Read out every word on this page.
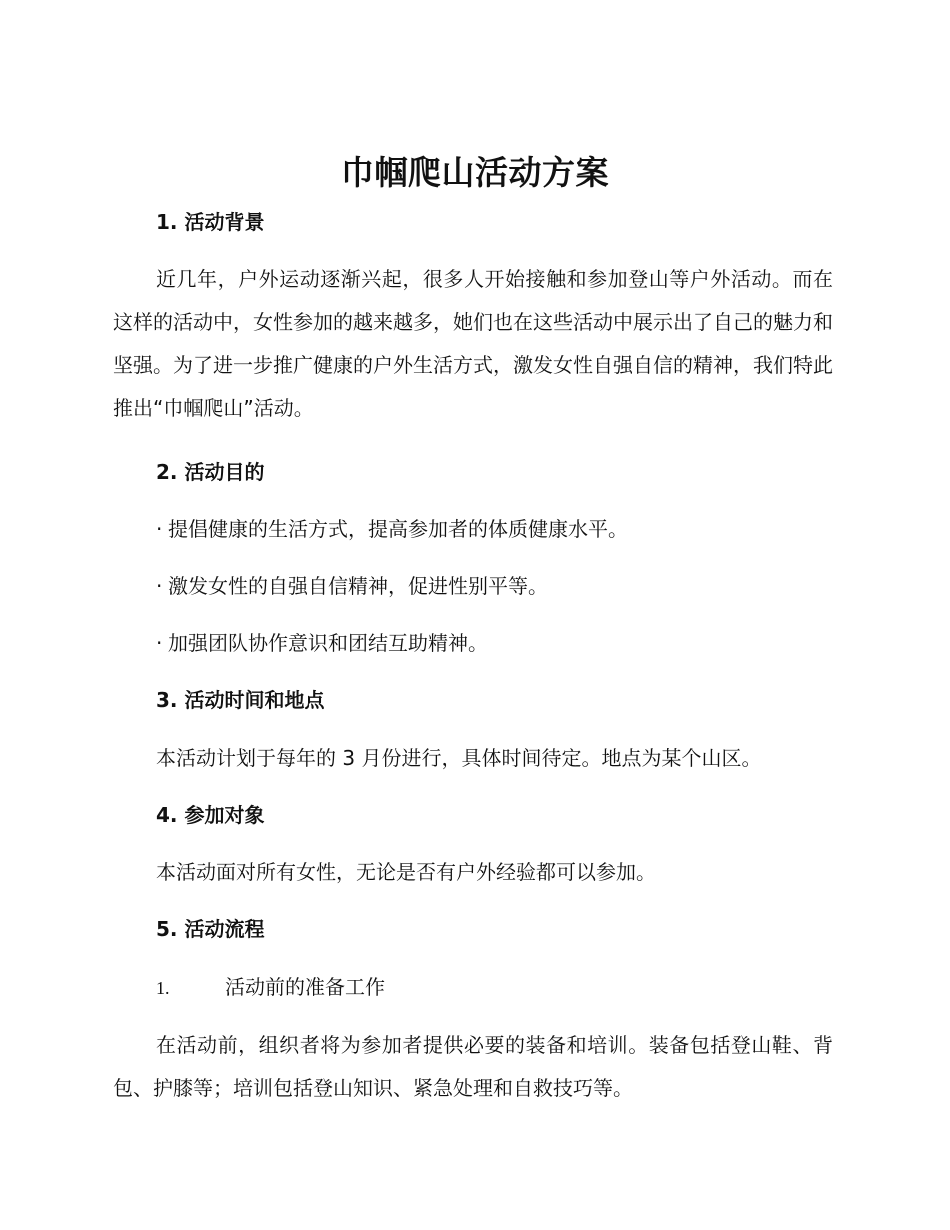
巾帼爬山活动方案
1. 活动背景
近几年，户外运动逐渐兴起，很多人开始接触和参加登山等户外活动。而在这样的活动中，女性参加的越来越多，她们也在这些活动中展示出了自己的魅力和坚强。为了进一步推广健康的户外生活方式，激发女性自强自信的精神，我们特此推出“巾帼爬山”活动。
2. 活动目的
· 提倡健康的生活方式，提高参加者的体质健康水平。
· 激发女性的自强自信精神，促进性别平等。
· 加强团队协作意识和团结互助精神。
3. 活动时间和地点
本活动计划于每年的 3 月份进行，具体时间待定。地点为某个山区。
4. 参加对象
本活动面对所有女性，无论是否有户外经验都可以参加。
5. 活动流程
1.	活动前的准备工作
在活动前，组织者将为参加者提供必要的装备和培训。装备包括登山鞋、背包、护膝等；培训包括登山知识、紧急处理和自救技巧等。
